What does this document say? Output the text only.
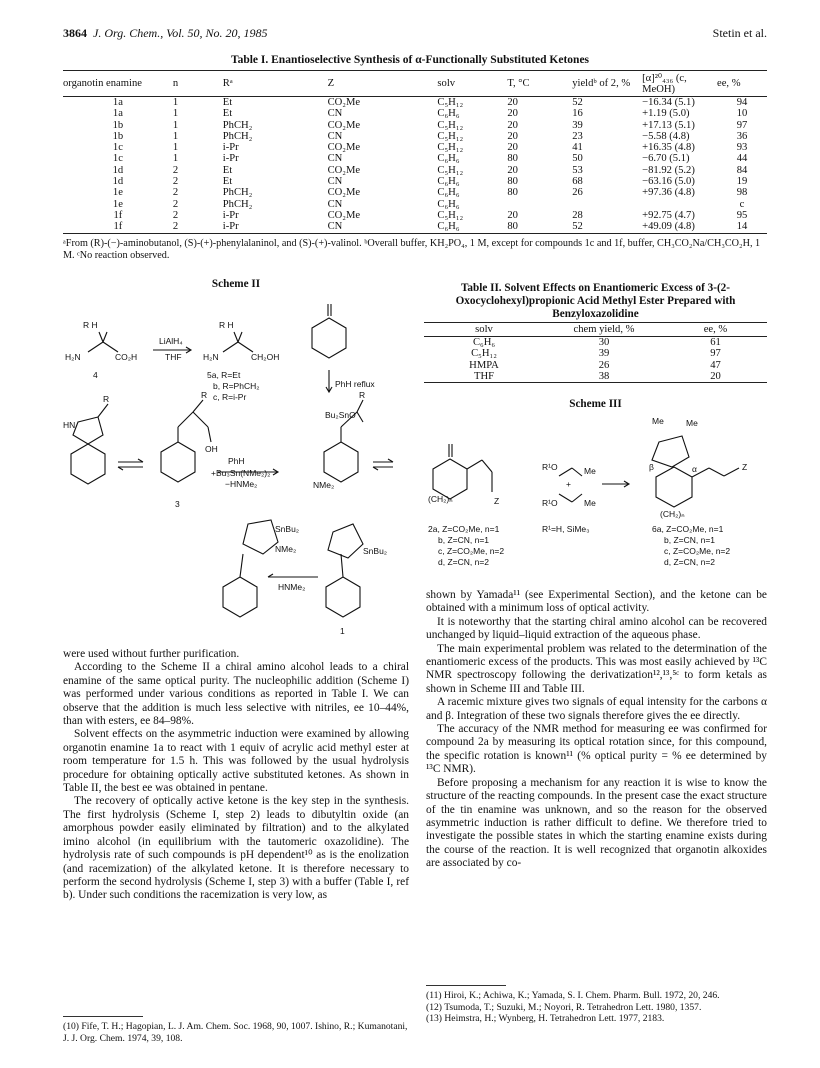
3864 J. Org. Chem., Vol. 50, No. 20, 1985	Stetin et al.
Table I. Enantioselective Synthesis of α-Functionally Substituted Ketones
organotin enamine	n	Rᵃ	Z	solv	T, °C	yieldᵇ of 2, %	[α]²⁰₄₃₆ (c, MeOH)	ee, %
1a	1	Et	CO₂Me	C₅H₁₂	20	52	−16.34 (5.1)	94
1a	1	Et	CN	C₆H₆	20	16	+1.19 (5.0)	10
1b	1	PhCH₂	CO₂Me	C₅H₁₂	20	39	+17.13 (5.1)	97
1b	1	PhCH₂	CN	C₅H₁₂	20	23	−5.58 (4.8)	36
1c	1	i-Pr	CO₂Me	C₅H₁₂	20	41	+16.35 (4.8)	93
1c	1	i-Pr	CN	C₆H₆	80	50	−6.70 (5.1)	44
1d	2	Et	CO₂Me	C₅H₁₂	20	53	−81.92 (5.2)	84
1d	2	Et	CN	C₆H₆	80	68	−63.16 (5.0)	19
1e	2	PhCH₂	CO₂Me	C₆H₆	80	26	+97.36 (4.8)	98
1e	2	PhCH₂	CN	C₆H₆				c
1f	2	i-Pr	CO₂Me	C₅H₁₂	20	28	+92.75 (4.7)	95
1f	2	i-Pr	CN	C₆H₆	80	52	+49.09 (4.8)	14
ᵃFrom (R)-(−)-aminobutanol, (S)-(+)-phenylalaninol, and (S)-(+)-valinol. ᵇOverall buffer, KH₂PO₄, 1 M, except for compounds 1c and 1f, buffer, CH₃CO₂Na/CH₃CO₂H, 1 M. ᶜNo reaction observed.
Scheme II
R H
H₂N	CO₂H
4
LiAlH₄
THF
R H
H₂N	CH₂OH
PhH reflux
5a, R=Et
b, R=PhCH₂
c, R=i-Pr
R
HN
R
OH
3
PhH
+Bu₃Sn(NMe₂)₂
−HNMe₂
R
Bu₂SnO
NMe₂
SnBu₂
NMe₂
HNMe₂
SnBu₂
1
Table II. Solvent Effects on Enantiomeric Excess of 3-(2-Oxocyclohexyl)propionic Acid Methyl Ester Prepared with Benzyloxazolidine
solv	chem yield, %	ee, %
C₆H₆	30	61
C₅H₁₂	39	97
HMPA	26	47
THF	38	20
Scheme III
(CH₂)ₙ	Z
R¹O	Me
+
R¹O	Me
Me	Me
β	α	Z
(CH₂)ₙ
2a, Z=CO₂Me, n=1
b, Z=CN, n=1
c, Z=CO₂Me, n=2
d, Z=CN, n=2
R¹=H, SiMe₃	6a, Z=CO₂Me, n=1
b, Z=CN, n=1
c, Z=CO₂Me, n=2
d, Z=CN, n=2

were used without further purification.

According to the Scheme II a chiral amino alcohol leads to a chiral enamine of the same optical purity. The nucleophilic addition (Scheme I) was performed under various conditions as reported in Table I. We can observe that the addition is much less selective with nitriles, ee 10–44%, than with esters, ee 84–98%.

Solvent effects on the asymmetric induction were examined by allowing organotin enamine 1a to react with 1 equiv of acrylic acid methyl ester at room temperature for 1.5 h. This was followed by the usual hydrolysis procedure for obtaining optically active substituted ketones. As shown in Table II, the best ee was obtained in pentane.

The recovery of optically active ketone is the key step in the synthesis. The first hydrolysis (Scheme I, step 2) leads to dibutyltin oxide (an amorphous powder easily eliminated by filtration) and to the alkylated imino alcohol (in equilibrium with the tautomeric oxazolidine). The hydrolysis rate of such compounds is pH dependent¹⁰ as is the enolization (and racemization) of the alkylated ketone. It is therefore necessary to perform the second hydrolysis (Scheme I, step 3) with a buffer (Table I, ref b). Under such conditions the racemization is very low, as

shown by Yamada¹¹ (see Experimental Section), and the ketone can be obtained with a minimum loss of optical activity.

It is noteworthy that the starting chiral amino alcohol can be recovered unchanged by liquid–liquid extraction of the aqueous phase.

The main experimental problem was related to the determination of the enantiomeric excess of the products. This was most easily achieved by ¹³C NMR spectroscopy following the derivatization¹²,¹³,⁵ᶜ to form ketals as shown in Scheme III and Table III.

A racemic mixture gives two signals of equal intensity for the carbons α and β. Integration of these two signals therefore gives the ee directly.

The accuracy of the NMR method for measuring ee was confirmed for compound 2a by measuring its optical rotation since, for this compound, the specific rotation is known¹¹ (% optical purity = % ee determined by ¹³C NMR).

Before proposing a mechanism for any reaction it is wise to know the structure of the reacting compounds. In the present case the exact structure of the tin enamine was unknown, and so the reason for the observed asymmetric induction is rather difficult to define. We therefore tried to investigate the possible states in which the starting enamine exists during the course of the reaction. It is well recognized that organotin alkoxides are associated by co-

(10) Fife, T. H.; Hagopian, L. J. Am. Chem. Soc. 1968, 90, 1007. Ishino, R.; Kumanotani, J. J. Org. Chem. 1974, 39, 108.
(11) Hiroi, K.; Achiwa, K.; Yamada, S. I. Chem. Pharm. Bull. 1972, 20, 246.
(12) Tsumoda, T.; Suzuki, M.; Noyori, R. Tetrahedron Lett. 1980, 1357.
(13) Heimstra, H.; Wynberg, H. Tetrahedron Lett. 1977, 2183.
